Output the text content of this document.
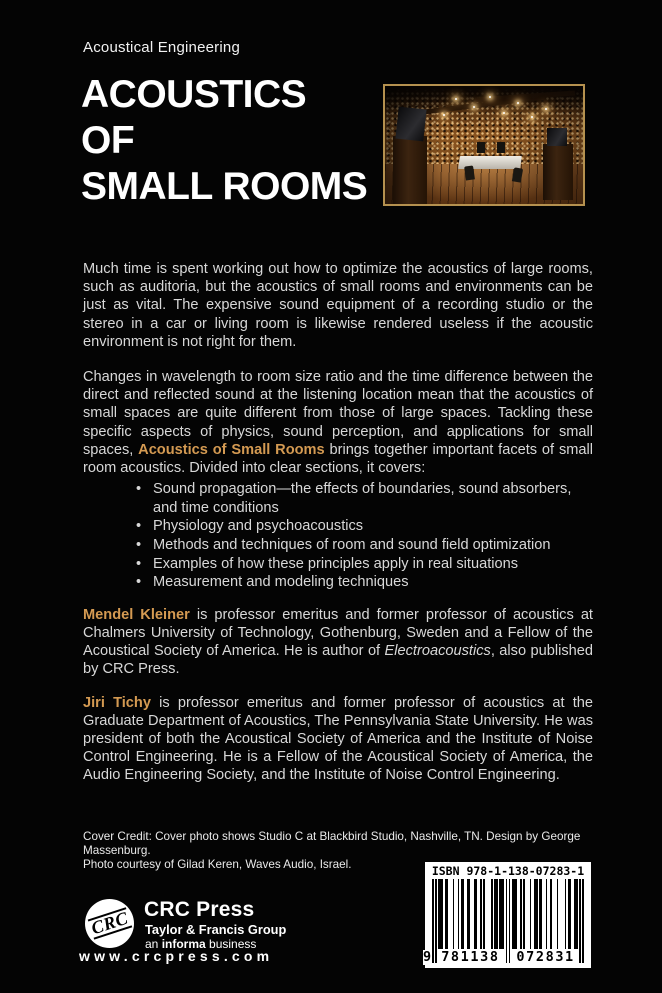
Acoustical Engineering
ACOUSTICS
OF
SMALL ROOMS

Much time is spent working out how to optimize the acoustics of large rooms, such as auditoria, but the acoustics of small rooms and environments can be just as vital. The expensive sound equipment of a recording studio or the stereo in a car or living room is likewise rendered useless if the acoustic environment is not right for them.

Changes in wavelength to room size ratio and the time difference between the direct and reflected sound at the listening location mean that the acoustics of small spaces are quite different from those of large spaces. Tackling these specific aspects of physics, sound perception, and applications for small spaces, Acoustics of Small Rooms brings together important facets of small room acoustics. Divided into clear sections, it covers:

• Sound propagation—the effects of boundaries, sound absorbers, and time conditions
• Physiology and psychoacoustics
• Methods and techniques of room and sound field optimization
• Examples of how these principles apply in real situations
• Measurement and modeling techniques

Mendel Kleiner is professor emeritus and former professor of acoustics at Chalmers University of Technology, Gothenburg, Sweden and a Fellow of the Acoustical Society of America. He is author of Electroacoustics, also published by CRC Press.

Jiri Tichy is professor emeritus and former professor of acoustics at the Graduate Department of Acoustics, The Pennsylvania State University. He was president of both the Acoustical Society of America and the Institute of Noise Control Engineering. He is a Fellow of the Acoustical Society of America, the Audio Engineering Society, and the Institute of Noise Control Engineering.

Cover Credit: Cover photo shows Studio C at Blackbird Studio, Nashville, TN. Design by George Massenburg.
Photo courtesy of Gilad Keren, Waves Audio, Israel.
CRC CRC Press
Taylor & Francis Group
an informa business
www.crcpress.com
ISBN 978-1-138-07283-1
9 781138 072831
